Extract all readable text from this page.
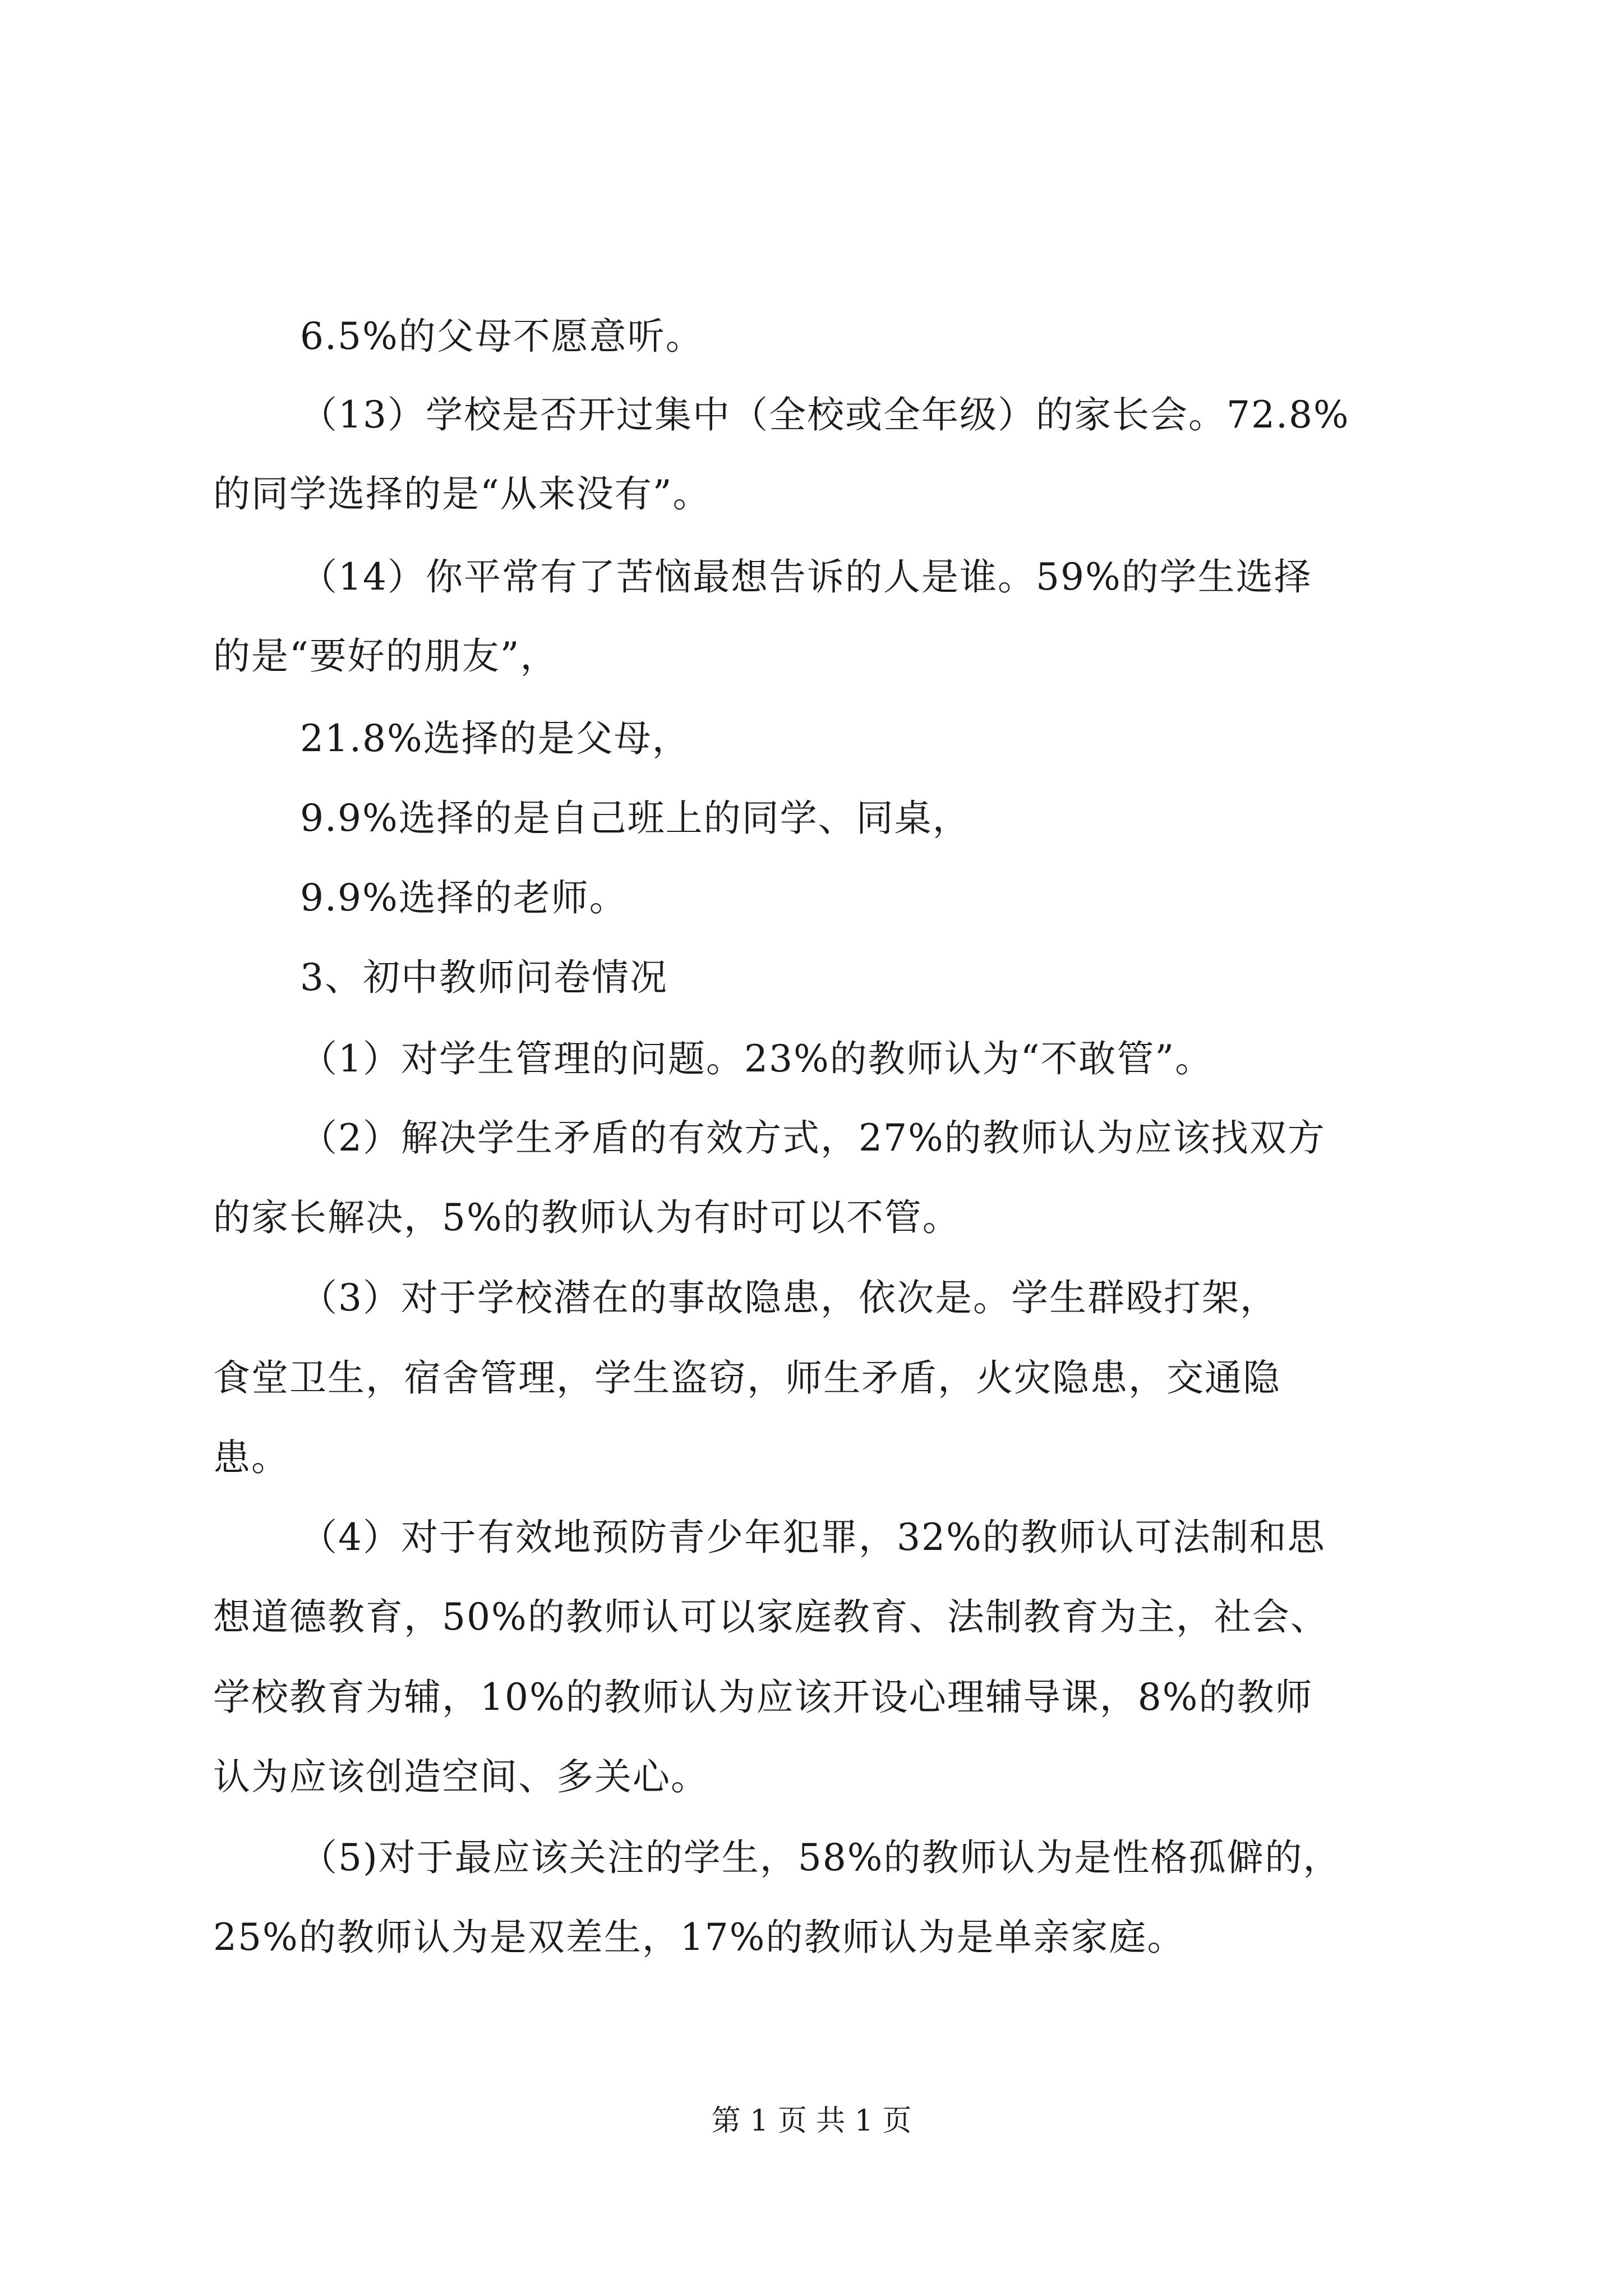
6.5%的父母不愿意听。
（13）学校是否开过集中（全校或全年级）的家长会。72.8%
的同学选择的是“从来没有”。
（14）你平常有了苦恼最想告诉的人是谁。59%的学生选择
的是“要好的朋友”，
21.8%选择的是父母，
9.9%选择的是自己班上的同学、同桌，
9.9%选择的老师。
3、初中教师问卷情况
（1）对学生管理的问题。23%的教师认为“不敢管”。
（2）解决学生矛盾的有效方式，27%的教师认为应该找双方
的家长解决，5%的教师认为有时可以不管。
（3）对于学校潜在的事故隐患，依次是。学生群殴打架，
食堂卫生，宿舍管理，学生盗窃，师生矛盾，火灾隐患，交通隐
患。
（4）对于有效地预防青少年犯罪，32%的教师认可法制和思
想道德教育，50%的教师认可以家庭教育、法制教育为主，社会、
学校教育为辅，10%的教师认为应该开设心理辅导课，8%的教师
认为应该创造空间、多关心。
（5)对于最应该关注的学生，58%的教师认为是性格孤僻的，
25%的教师认为是双差生，17%的教师认为是单亲家庭。
第 1 页 共 1 页
